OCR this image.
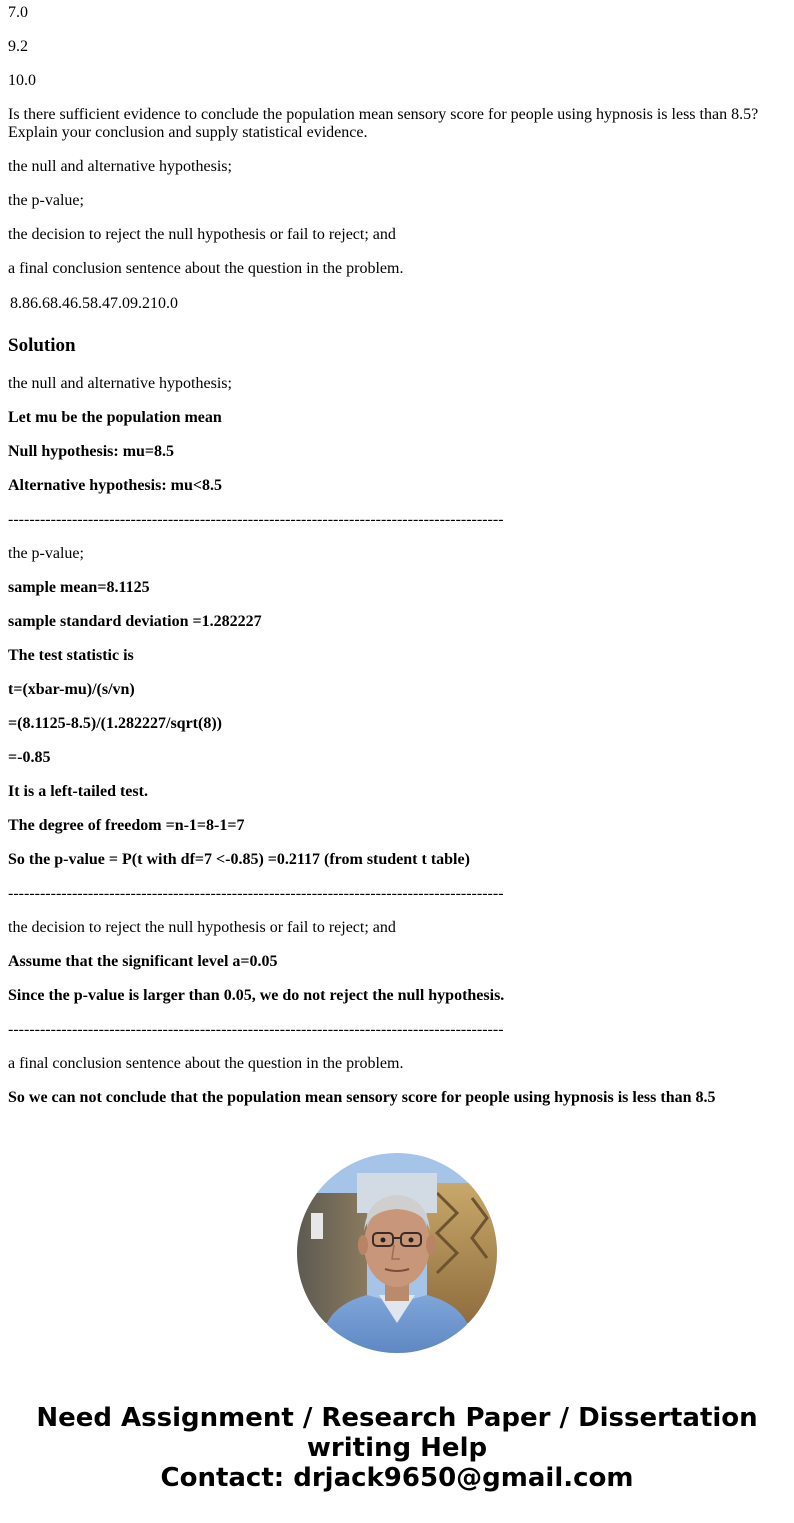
7.0

9.2

10.0

Is there sufficient evidence to conclude the population mean sensory score for people using hypnosis is less than 8.5? Explain your conclusion and supply statistical evidence.

the null and alternative hypothesis;

the p-value;

the decision to reject the null hypothesis or fail to reject; and

a final conclusion sentence about the question in the problem.

8.86.68.46.58.47.09.210.0
Solution

the null and alternative hypothesis;

Let mu be the population mean

Null hypothesis: mu=8.5

Alternative hypothesis: mu<8.5

---------------------------------------------------------------------------------------------

the p-value;

sample mean=8.1125

sample standard deviation =1.282227

The test statistic is

t=(xbar-mu)/(s/vn)

=(8.1125-8.5)/(1.282227/sqrt(8))

=-0.85

It is a left-tailed test.

The degree of freedom =n-1=8-1=7

So the p-value = P(t with df=7 <-0.85) =0.2117 (from student t table)

---------------------------------------------------------------------------------------------

the decision to reject the null hypothesis or fail to reject; and

Assume that the significant level a=0.05

Since the p-value is larger than 0.05, we do not reject the null hypothesis.

---------------------------------------------------------------------------------------------

a final conclusion sentence about the question in the problem.

So we can not conclude that the population mean sensory score for people using hypnosis is less than 8.5

Need Assignment / Research Paper / Dissertation
writing Help
Contact: drjack9650@gmail.com
